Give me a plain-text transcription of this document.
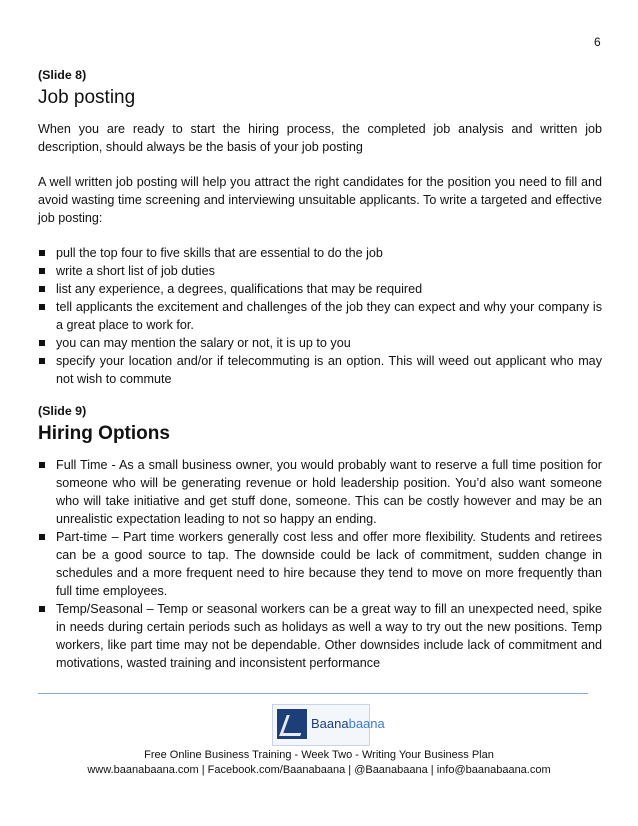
6
(Slide 8)
Job posting

When you are ready to start the hiring process, the completed job analysis and written job description, should always be the basis of your job posting

A well written job posting will help you attract the right candidates for the position you need to fill and avoid wasting time screening and interviewing unsuitable applicants. To write a targeted and effective job posting:

pull the top four to five skills that are essential to do the job
write a short list of job duties
list any experience, a degrees, qualifications that may be required
tell applicants the excitement and challenges of the job they can expect and why your company is a great place to work for.
you can may mention the salary or not, it is up to you
specify your location and/or if telecommuting is an option. This will weed out applicant who may not wish to commute
(Slide 9)
Hiring Options
Full Time - As a small business owner, you would probably want to reserve a full time position for someone who will be generating revenue or hold leadership position. You’d also want someone who will take initiative and get stuff done, someone. This can be costly however and may be an unrealistic expectation leading to not so happy an ending.
Part-time – Part time workers generally cost less and offer more flexibility. Students and retirees can be a good source to tap. The downside could be lack of commitment, sudden change in schedules and a more frequent need to hire because they tend to move on more frequently than full time employees.
Temp/Seasonal – Temp or seasonal workers can be a great way to fill an unexpected need, spike in needs during certain periods such as holidays as well a way to try out the new positions. Temp workers, like part time may not be dependable. Other downsides include lack of commitment and motivations, wasted training and inconsistent performance
Baanabaana
Free Online Business Training - Week Two - Writing Your Business Plan
www.baanabaana.com | Facebook.com/Baanabaana | @Baanabaana | info@baanabaana.com
